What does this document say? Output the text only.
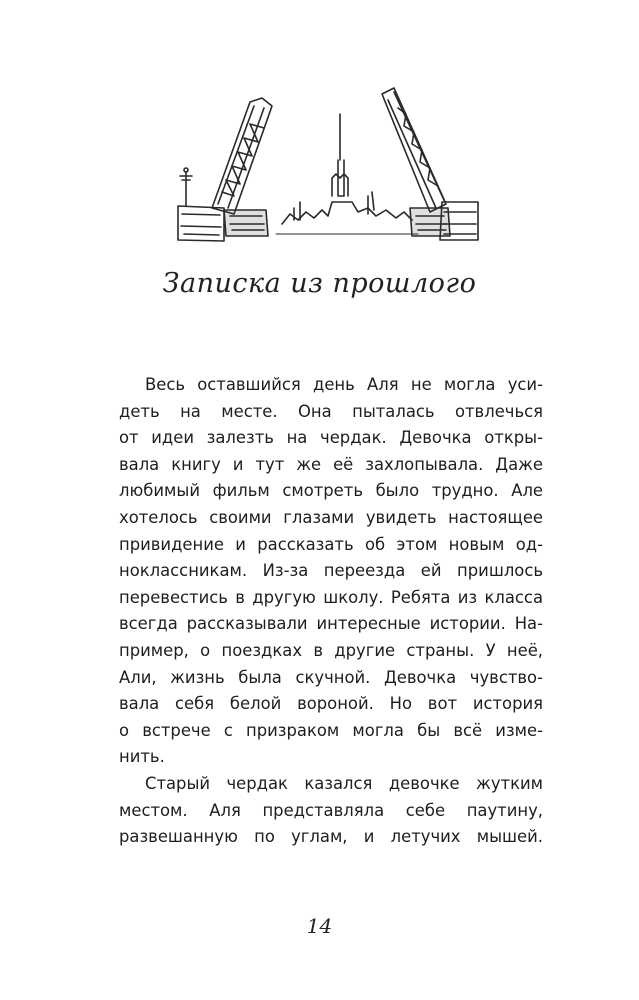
Записка из прошлого
Весь оставшийся день Аля не могла уси-
деть на месте. Она пыталась отвлечься
от идеи залезть на чердак. Девочка откры-
вала книгу и тут же её захлопывала. Даже
любимый фильм смотреть было трудно. Але
хотелось своими глазами увидеть настоящее
привидение и рассказать об этом новым од-
ноклассникам. Из-за переезда ей пришлось
перевестись в другую школу. Ребята из класса
всегда рассказывали интересные истории. На-
пример, о поездках в другие страны. У неё,
Али, жизнь была скучной. Девочка чувство-
вала себя белой вороной. Но вот история
о встрече с призраком могла бы всё изме-
нить.
Старый чердак казался девочке жутким
местом. Аля представляла себе паутину,
развешанную по углам, и летучих мышей.
14
